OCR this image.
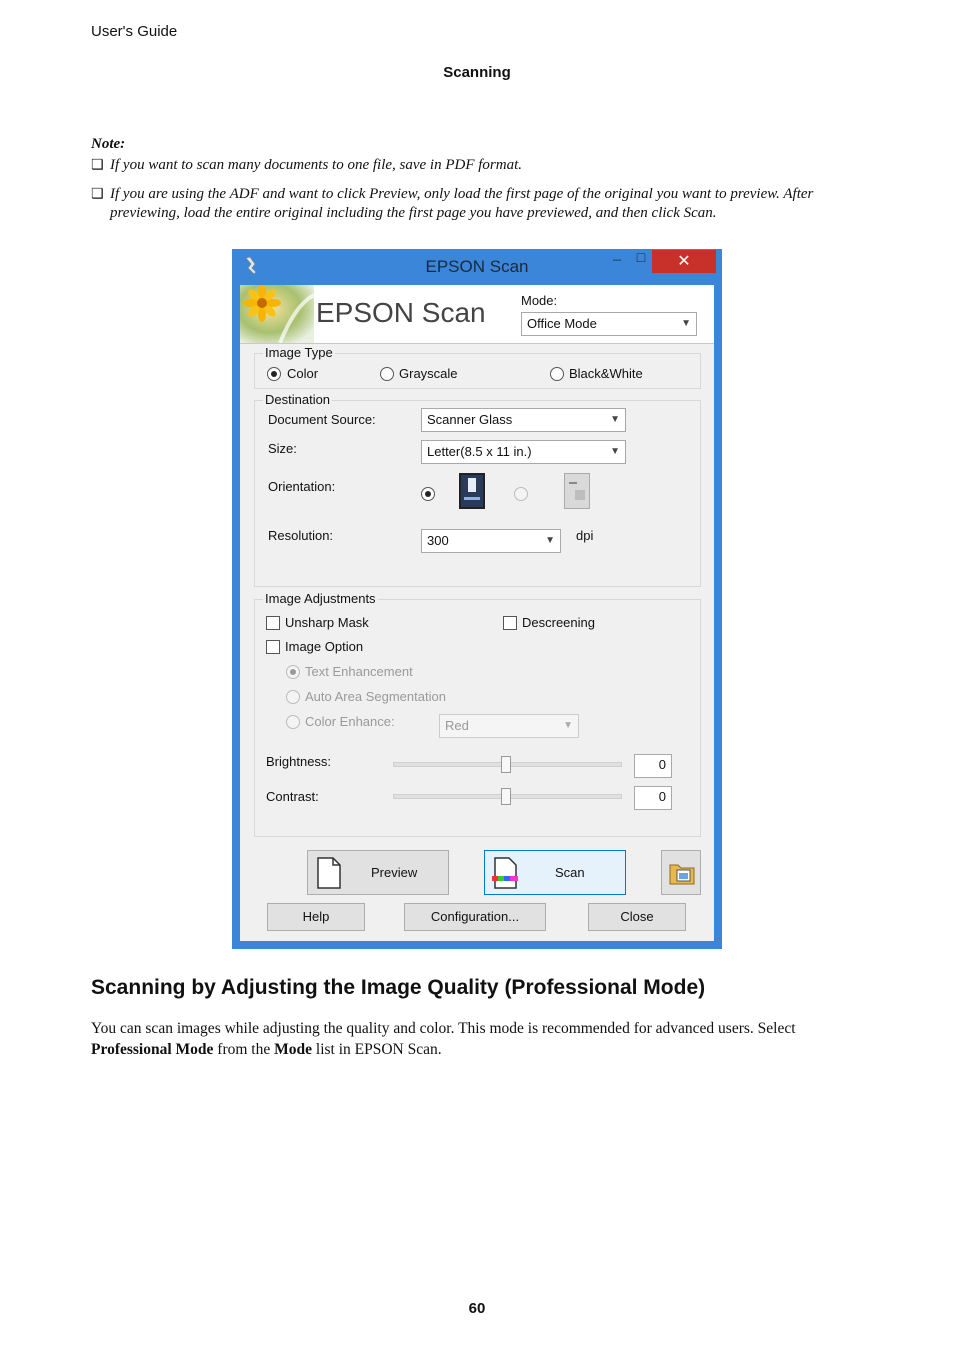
User's Guide
Scanning
Note:
❑ If you want to scan many documents to one file, save in PDF format.
❑ If you are using the ADF and want to click Preview, only load the first page of the original you want to preview. After previewing, load the entire original including the first page you have previewed, and then click Scan.
EPSON Scan	–	□	✕
EPSON Scan	Mode:
Office Mode	▼
Image Type
Color	Grayscale	Black&White
Destination
Document Source:	Scanner Glass	▼
Size:	Letter(8.5 x 11 in.)	▼
Orientation:
Resolution:	300	▼ dpi
Image Adjustments
Unsharp Mask	Descreening
Image Option
Text Enhancement
Auto Area Segmentation
Color Enhance:	Red	▼
Brightness:	0
Contrast:	0
Preview	Scan
Help	Configuration...	Close
Scanning by Adjusting the Image Quality (Professional Mode)
You can scan images while adjusting the quality and color. This mode is recommended for advanced users. Select Professional Mode from the Mode list in EPSON Scan.
60
